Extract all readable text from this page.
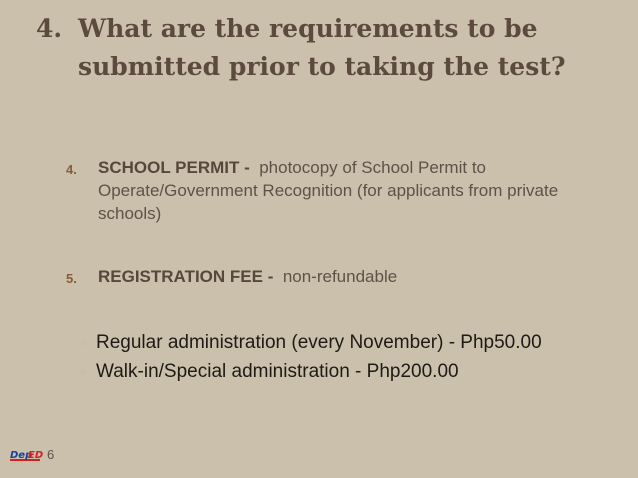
4. What are the requirements to be
submitted prior to taking the test?
4. SCHOOL PERMIT - photocopy of School Permit to Operate/Government Recognition (for applicants from private schools)
5. REGISTRATION FEE - non-refundable
Regular administration (every November) - Php50.00
Walk-in/Special administration - Php200.00
Dep
ED 6
